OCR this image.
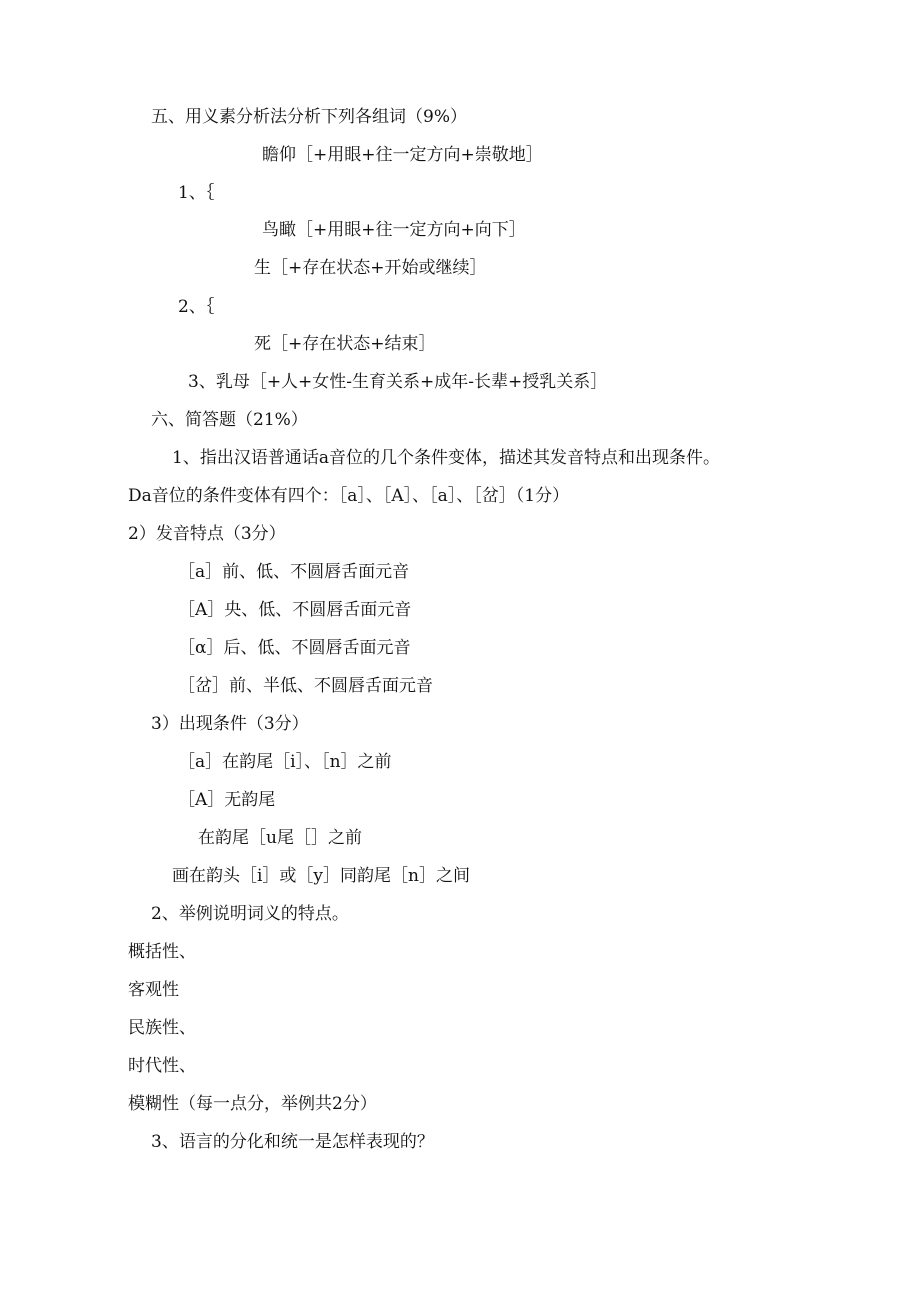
五、用义素分析法分析下列各组词（9%）
瞻仰［+用眼+往一定方向+崇敬地］
1、｛
鸟瞰［+用眼+往一定方向+向下］
生［+存在状态+开始或继续］
2、｛
死［+存在状态+结束］
3、乳母［+人+女性-生育关系+成年-长辈+授乳关系］
六、简答题（21%）
1、指出汉语普通话a音位的几个条件变体，描述其发音特点和出现条件。
Da音位的条件变体有四个：［a］、［A］、［a］、［岔］（1分）
2）发音特点（3分）
［a］前、低、不圆唇舌面元音
［A］央、低、不圆唇舌面元音
［α］后、低、不圆唇舌面元音
［岔］前、半低、不圆唇舌面元音
3）出现条件（3分）
［a］在韵尾［i］、［n］之前
［A］无韵尾
在韵尾［u尾［］之前
画在韵头［i］或［y］同韵尾［n］之间
2、举例说明词义的特点。
概括性、
客观性
民族性、
时代性、
模糊性（每一点分，举例共2分）
3、语言的分化和统一是怎样表现的？
